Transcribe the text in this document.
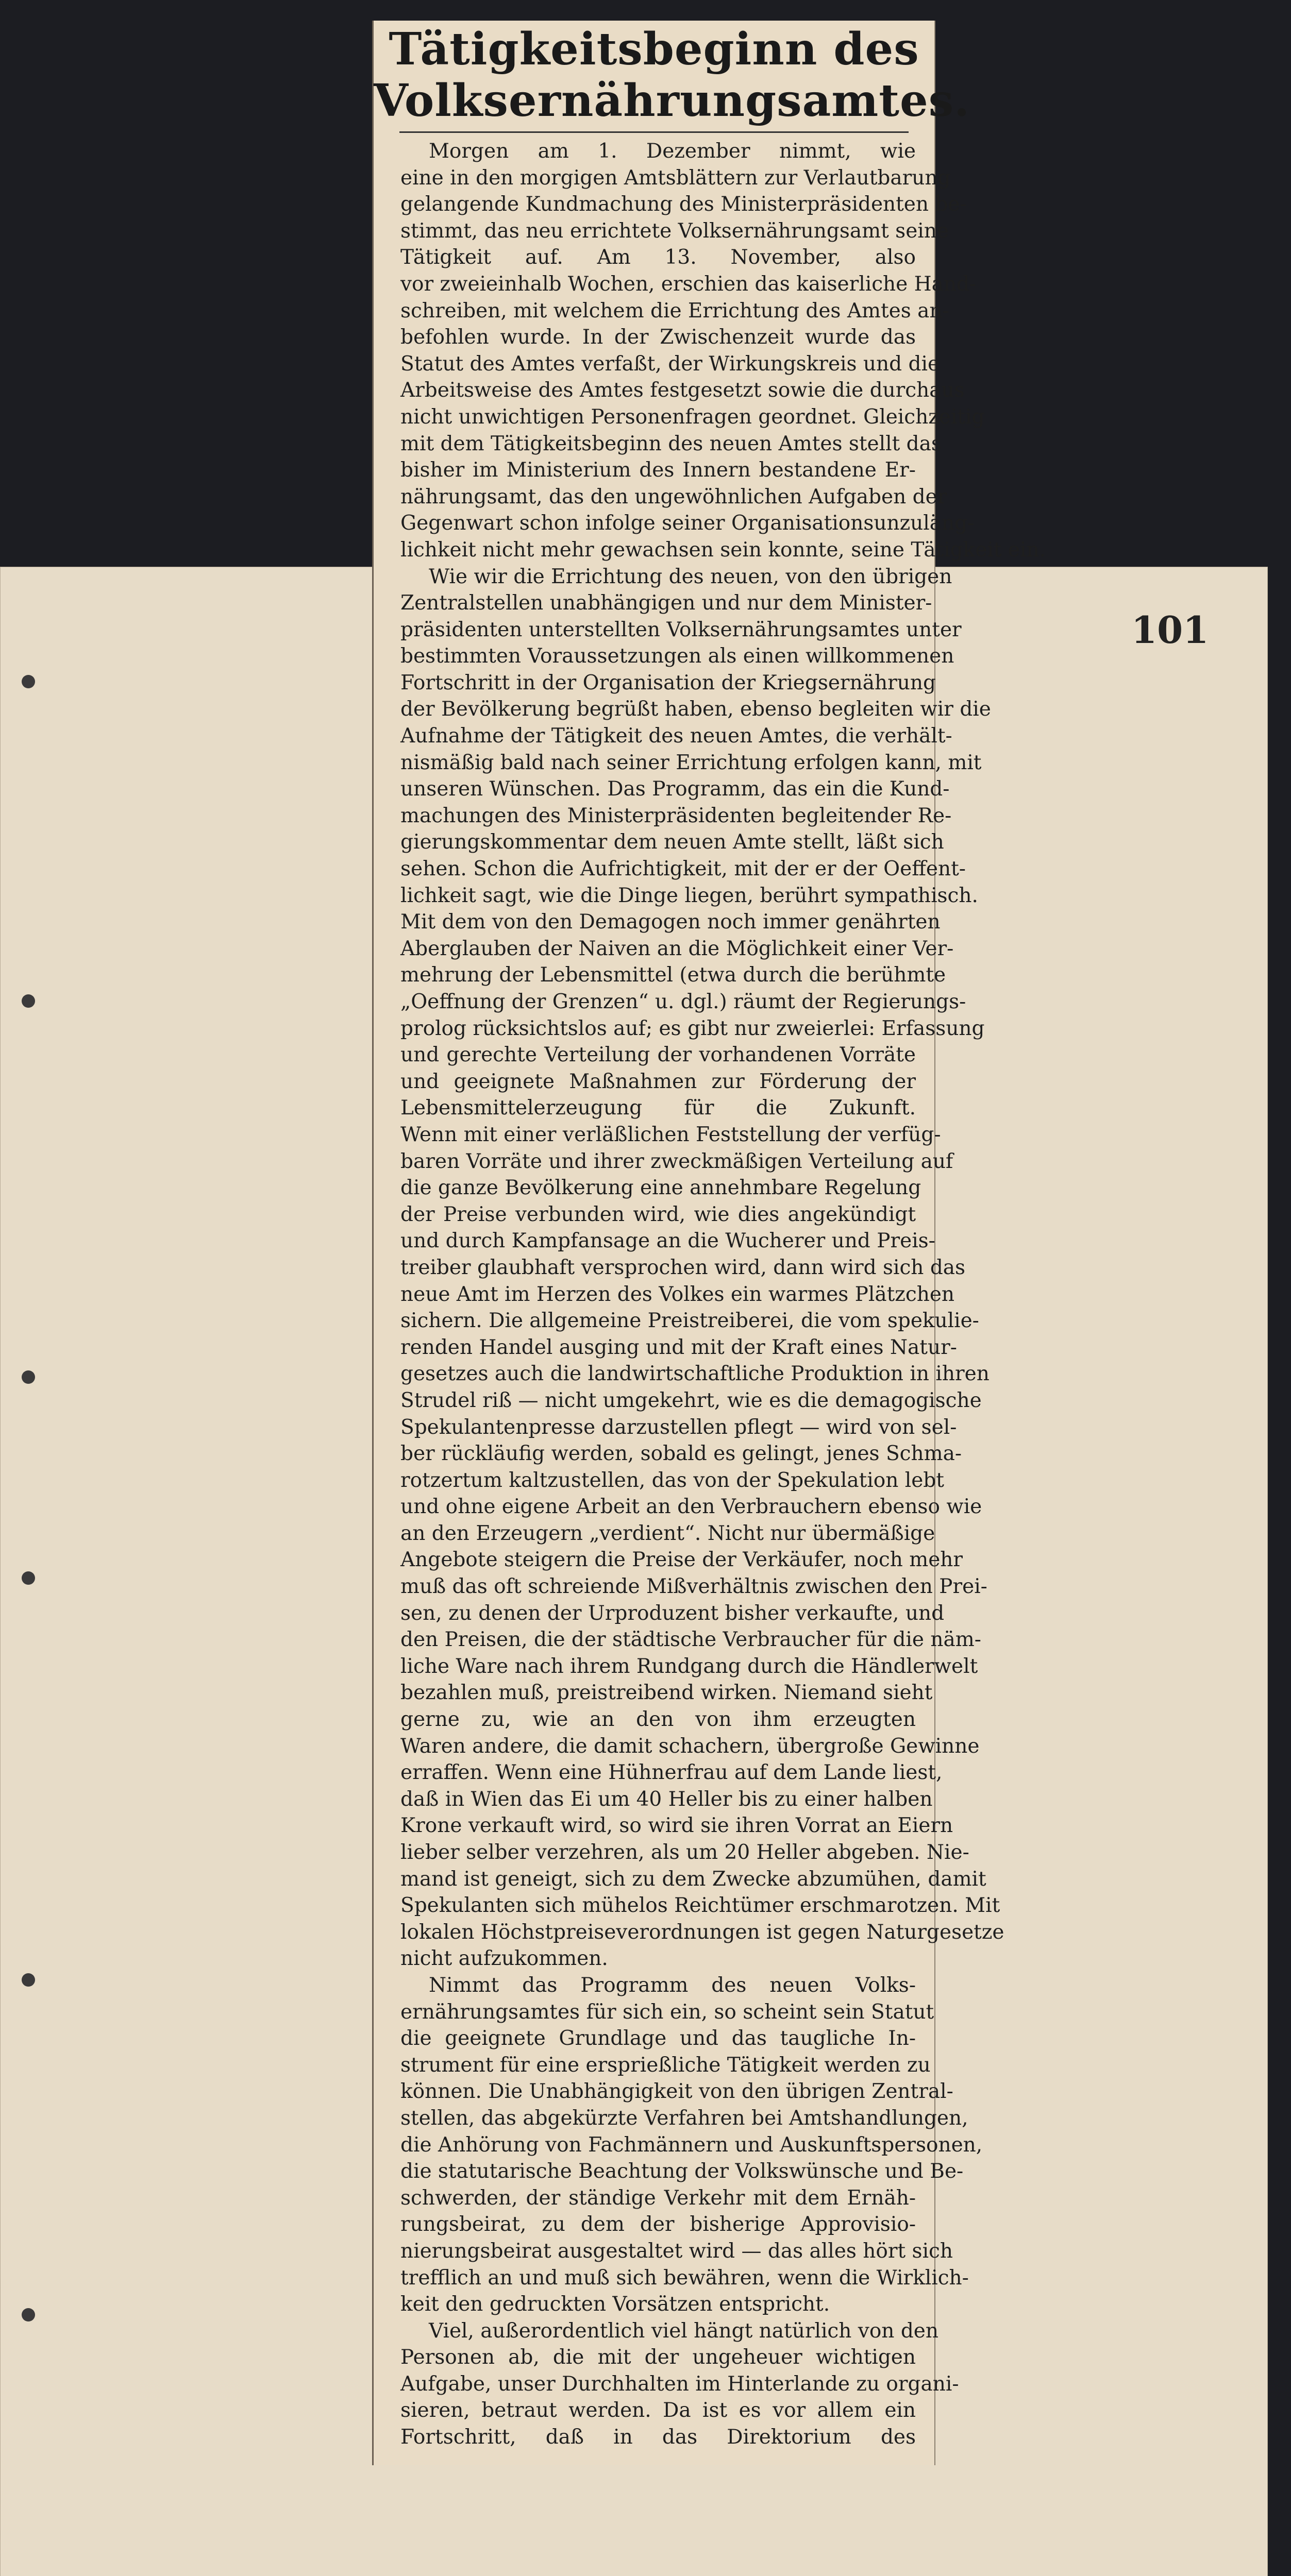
101
Tätigkeitsbeginn des
Volksernährungsamtes.
Morgen am 1. Dezember nimmt, wie
eine in den morgigen Amtsblättern zur Verlautbarung
gelangende Kundmachung des Ministerpräsidenten be-
stimmt, das neu errichtete Volksernährungsamt seine
Tätigkeit auf. Am 13. November, also
vor zweieinhalb Wochen, erschien das kaiserliche Hand-
schreiben, mit welchem die Errichtung des Amtes an-
befohlen wurde. In der Zwischenzeit wurde das
Statut des Amtes verfaßt, der Wirkungskreis und die
Arbeitsweise des Amtes festgesetzt sowie die durchaus
nicht unwichtigen Personenfragen geordnet. Gleichzeitig
mit dem Tätigkeitsbeginn des neuen Amtes stellt das
bisher im Ministerium des Innern bestandene Er-
nährungsamt, das den ungewöhnlichen Aufgaben der
Gegenwart schon infolge seiner Organisationsunzuläng-
lichkeit nicht mehr gewachsen sein konnte, seine Tätigkeit ein.
Wie wir die Errichtung des neuen, von den übrigen
Zentralstellen unabhängigen und nur dem Minister-
präsidenten unterstellten Volksernährungsamtes unter
bestimmten Voraussetzungen als einen willkommenen
Fortschritt in der Organisation der Kriegsernährung
der Bevölkerung begrüßt haben, ebenso begleiten wir die
Aufnahme der Tätigkeit des neuen Amtes, die verhält-
nismäßig bald nach seiner Errichtung erfolgen kann, mit
unseren Wünschen. Das Programm, das ein die Kund-
machungen des Ministerpräsidenten begleitender Re-
gierungskommentar dem neuen Amte stellt, läßt sich
sehen. Schon die Aufrichtigkeit, mit der er der Oeffent-
lichkeit sagt, wie die Dinge liegen, berührt sympathisch.
Mit dem von den Demagogen noch immer genährten
Aberglauben der Naiven an die Möglichkeit einer Ver-
mehrung der Lebensmittel (etwa durch die berühmte
„Oeffnung der Grenzen“ u. dgl.) räumt der Regierungs-
prolog rücksichtslos auf; es gibt nur zweierlei: Erfassung
und gerechte Verteilung der vorhandenen Vorräte
und geeignete Maßnahmen zur Förderung der
Lebensmittelerzeugung für die Zukunft.
Wenn mit einer verläßlichen Feststellung der verfüg-
baren Vorräte und ihrer zweckmäßigen Verteilung auf
die ganze Bevölkerung eine annehmbare Regelung
der Preise verbunden wird, wie dies angekündigt
und durch Kampfansage an die Wucherer und Preis-
treiber glaubhaft versprochen wird, dann wird sich das
neue Amt im Herzen des Volkes ein warmes Plätzchen
sichern. Die allgemeine Preistreiberei, die vom spekulie-
renden Handel ausging und mit der Kraft eines Natur-
gesetzes auch die landwirtschaftliche Produktion in ihren
Strudel riß — nicht umgekehrt, wie es die demagogische
Spekulantenpresse darzustellen pflegt — wird von sel-
ber rückläufig werden, sobald es gelingt, jenes Schma-
rotzertum kaltzustellen, das von der Spekulation lebt
und ohne eigene Arbeit an den Verbrauchern ebenso wie
an den Erzeugern „verdient“. Nicht nur übermäßige
Angebote steigern die Preise der Verkäufer, noch mehr
muß das oft schreiende Mißverhältnis zwischen den Prei-
sen, zu denen der Urproduzent bisher verkaufte, und
den Preisen, die der städtische Verbraucher für die näm-
liche Ware nach ihrem Rundgang durch die Händlerwelt
bezahlen muß, preistreibend wirken. Niemand sieht
gerne zu, wie an den von ihm erzeugten
Waren andere, die damit schachern, übergroße Gewinne
erraffen. Wenn eine Hühnerfrau auf dem Lande liest,
daß in Wien das Ei um 40 Heller bis zu einer halben
Krone verkauft wird, so wird sie ihren Vorrat an Eiern
lieber selber verzehren, als um 20 Heller abgeben. Nie-
mand ist geneigt, sich zu dem Zwecke abzumühen, damit
Spekulanten sich mühelos Reichtümer erschmarotzen. Mit
lokalen Höchstpreiseverordnungen ist gegen Naturgesetze
nicht aufzukommen.
Nimmt das Programm des neuen Volks-
ernährungsamtes für sich ein, so scheint sein Statut
die geeignete Grundlage und das taugliche In-
strument für eine ersprießliche Tätigkeit werden zu
können. Die Unabhängigkeit von den übrigen Zentral-
stellen, das abgekürzte Verfahren bei Amtshandlungen,
die Anhörung von Fachmännern und Auskunftspersonen,
die statutarische Beachtung der Volkswünsche und Be-
schwerden, der ständige Verkehr mit dem Ernäh-
rungsbeirat, zu dem der bisherige Approvisio-
nierungsbeirat ausgestaltet wird — das alles hört sich
trefflich an und muß sich bewähren, wenn die Wirklich-
keit den gedruckten Vorsätzen entspricht.
Viel, außerordentlich viel hängt natürlich von den
Personen ab, die mit der ungeheuer wichtigen
Aufgabe, unser Durchhalten im Hinterlande zu organi-
sieren, betraut werden. Da ist es vor allem ein
Fortschritt, daß in das Direktorium des
